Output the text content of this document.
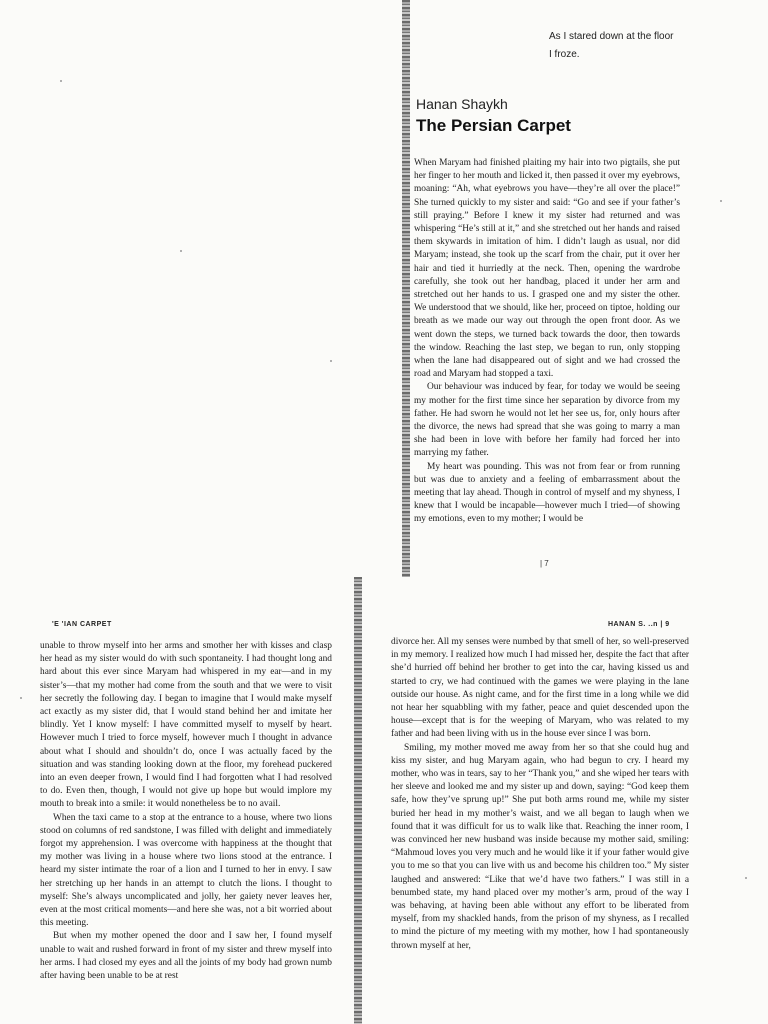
As I stared down at the floor
I froze.
Hanan Shaykh
The Persian Carpet

When Maryam had finished plaiting my hair into two pigtails, she put her finger to her mouth and licked it, then passed it over my eyebrows, moaning: “Ah, what eyebrows you have—they’re all over the place!” She turned quickly to my sister and said: “Go and see if your father’s still praying.” Before I knew it my sister had returned and was whispering “He’s still at it,” and she stretched out her hands and raised them skywards in imitation of him. I didn’t laugh as usual, nor did Maryam; instead, she took up the scarf from the chair, put it over her hair and tied it hurriedly at the neck. Then, opening the wardrobe carefully, she took out her handbag, placed it under her arm and stretched out her hands to us. I grasped one and my sister the other. We understood that we should, like her, proceed on tiptoe, holding our breath as we made our way out through the open front door. As we went down the steps, we turned back towards the door, then towards the window. Reaching the last step, we began to run, only stopping when the lane had disappeared out of sight and we had crossed the road and Maryam had stopped a taxi.

Our behaviour was induced by fear, for today we would be seeing my mother for the first time since her separation by divorce from my father. He had sworn he would not let her see us, for, only hours after the divorce, the news had spread that she was going to marry a man she had been in love with before her family had forced her into marrying my father.

My heart was pounding. This was not from fear or from running but was due to anxiety and a feeling of embarrassment about the meeting that lay ahead. Though in control of myself and my shyness, I knew that I would be incapable—however much I tried—of showing my emotions, even to my mother; I would be

| 7
'E 'IAN CARPET

unable to throw myself into her arms and smother her with kisses and clasp her head as my sister would do with such spontaneity. I had thought long and hard about this ever since Maryam had whispered in my ear—and in my sister’s—that my mother had come from the south and that we were to visit her secretly the following day. I began to imagine that I would make myself act exactly as my sister did, that I would stand behind her and imitate her blindly. Yet I know myself: I have committed myself to myself by heart. However much I tried to force myself, however much I thought in advance about what I should and shouldn’t do, once I was actually faced by the situation and was standing looking down at the floor, my forehead puckered into an even deeper frown, I would find I had forgotten what I had resolved to do. Even then, though, I would not give up hope but would implore my mouth to break into a smile: it would nonetheless be to no avail.

When the taxi came to a stop at the entrance to a house, where two lions stood on columns of red sandstone, I was filled with delight and immediately forgot my apprehension. I was overcome with happiness at the thought that my mother was living in a house where two lions stood at the entrance. I heard my sister intimate the roar of a lion and I turned to her in envy. I saw her stretching up her hands in an attempt to clutch the lions. I thought to myself: She’s always uncomplicated and jolly, her gaiety never leaves her, even at the most critical moments—and here she was, not a bit worried about this meeting.

But when my mother opened the door and I saw her, I found myself unable to wait and rushed forward in front of my sister and threw myself into her arms. I had closed my eyes and all the joints of my body had grown numb after having been unable to be at rest

HANAN S. ..n | 9

divorce her. All my senses were numbed by that smell of her, so well-preserved in my memory. I realized how much I had missed her, despite the fact that after she’d hurried off behind her brother to get into the car, having kissed us and started to cry, we had continued with the games we were playing in the lane outside our house. As night came, and for the first time in a long while we did not hear her squabbling with my father, peace and quiet descended upon the house—except that is for the weeping of Maryam, who was related to my father and had been living with us in the house ever since I was born.

Smiling, my mother moved me away from her so that she could hug and kiss my sister, and hug Maryam again, who had begun to cry. I heard my mother, who was in tears, say to her “Thank you,” and she wiped her tears with her sleeve and looked me and my sister up and down, saying: “God keep them safe, how they’ve sprung up!” She put both arms round me, while my sister buried her head in my mother’s waist, and we all began to laugh when we found that it was difficult for us to walk like that. Reaching the inner room, I was convinced her new husband was inside because my mother said, smiling: “Mahmoud loves you very much and he would like it if your father would give you to me so that you can live with us and become his children too.” My sister laughed and answered: “Like that we’d have two fathers.” I was still in a benumbed state, my hand placed over my mother’s arm, proud of the way I was behaving, at having been able without any effort to be liberated from myself, from my shackled hands, from the prison of my shyness, as I recalled to mind the picture of my meeting with my mother, how I had spontaneously thrown myself at her,
